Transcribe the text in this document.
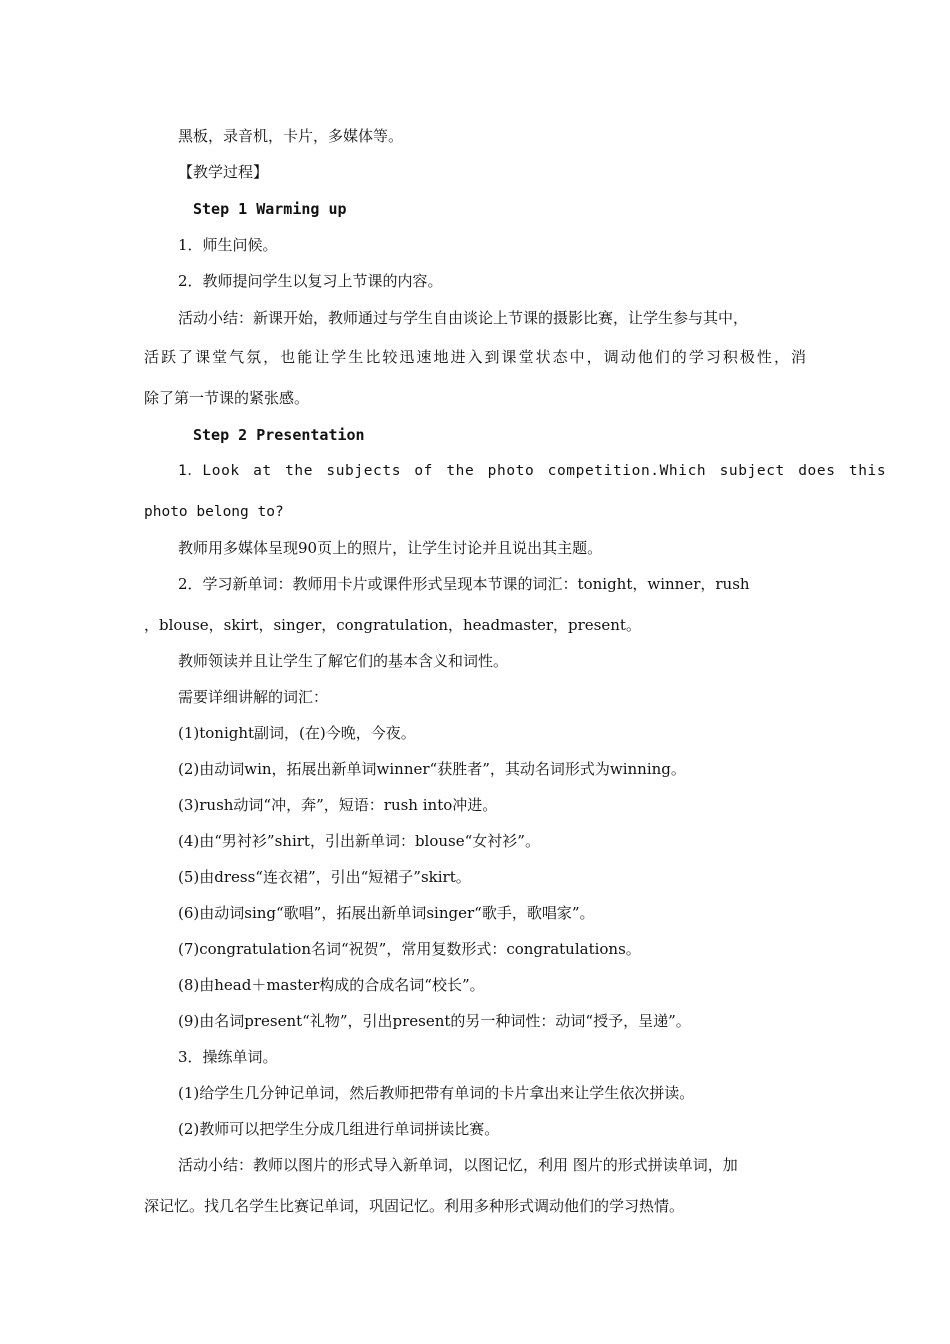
黑板，录音机，卡片，多媒体等。
【教学过程】
Step 1 Warming up
1．师生问候。
2．教师提问学生以复习上节课的内容。
活动小结：新课开始，教师通过与学生自由谈论上节课的摄影比赛，让学生参与其中，
活跃了课堂气氛，也能让学生比较迅速地进入到课堂状态中，调动他们的学习积极性，消
除了第一节课的紧张感。
Step 2 Presentation
1．Look at the subjects of the photo competition.Which subject does this
photo belong to?
教师用多媒体呈现90页上的照片，让学生讨论并且说出其主题。
2．学习新单词：教师用卡片或课件形式呈现本节课的词汇：tonight，winner，rush
，blouse，skirt，singer，congratulation，headmaster，present。
教师领读并且让学生了解它们的基本含义和词性。
需要详细讲解的词汇：
(1)tonight副词，(在)今晚，今夜。
(2)由动词win，拓展出新单词winner“获胜者”，其动名词形式为winning。
(3)rush动词“冲，奔”，短语：rush into冲进。
(4)由“男衬衫”shirt，引出新单词：blouse“女衬衫”。
(5)由dress“连衣裙”，引出“短裙子”skirt。
(6)由动词sing“歌唱”，拓展出新单词singer“歌手，歌唱家”。
(7)congratulation名词“祝贺”，常用复数形式：congratulations。
(8)由head＋master构成的合成名词“校长”。
(9)由名词present“礼物”，引出present的另一种词性：动词“授予，呈递”。
3．操练单词。
(1)给学生几分钟记单词，然后教师把带有单词的卡片拿出来让学生依次拼读。
(2)教师可以把学生分成几组进行单词拼读比赛。
活动小结：教师以图片的形式导入新单词，以图记忆，利用 图片的形式拼读单词，加
深记忆。找几名学生比赛记单词，巩固记忆。利用多种形式调动他们的学习热情。
